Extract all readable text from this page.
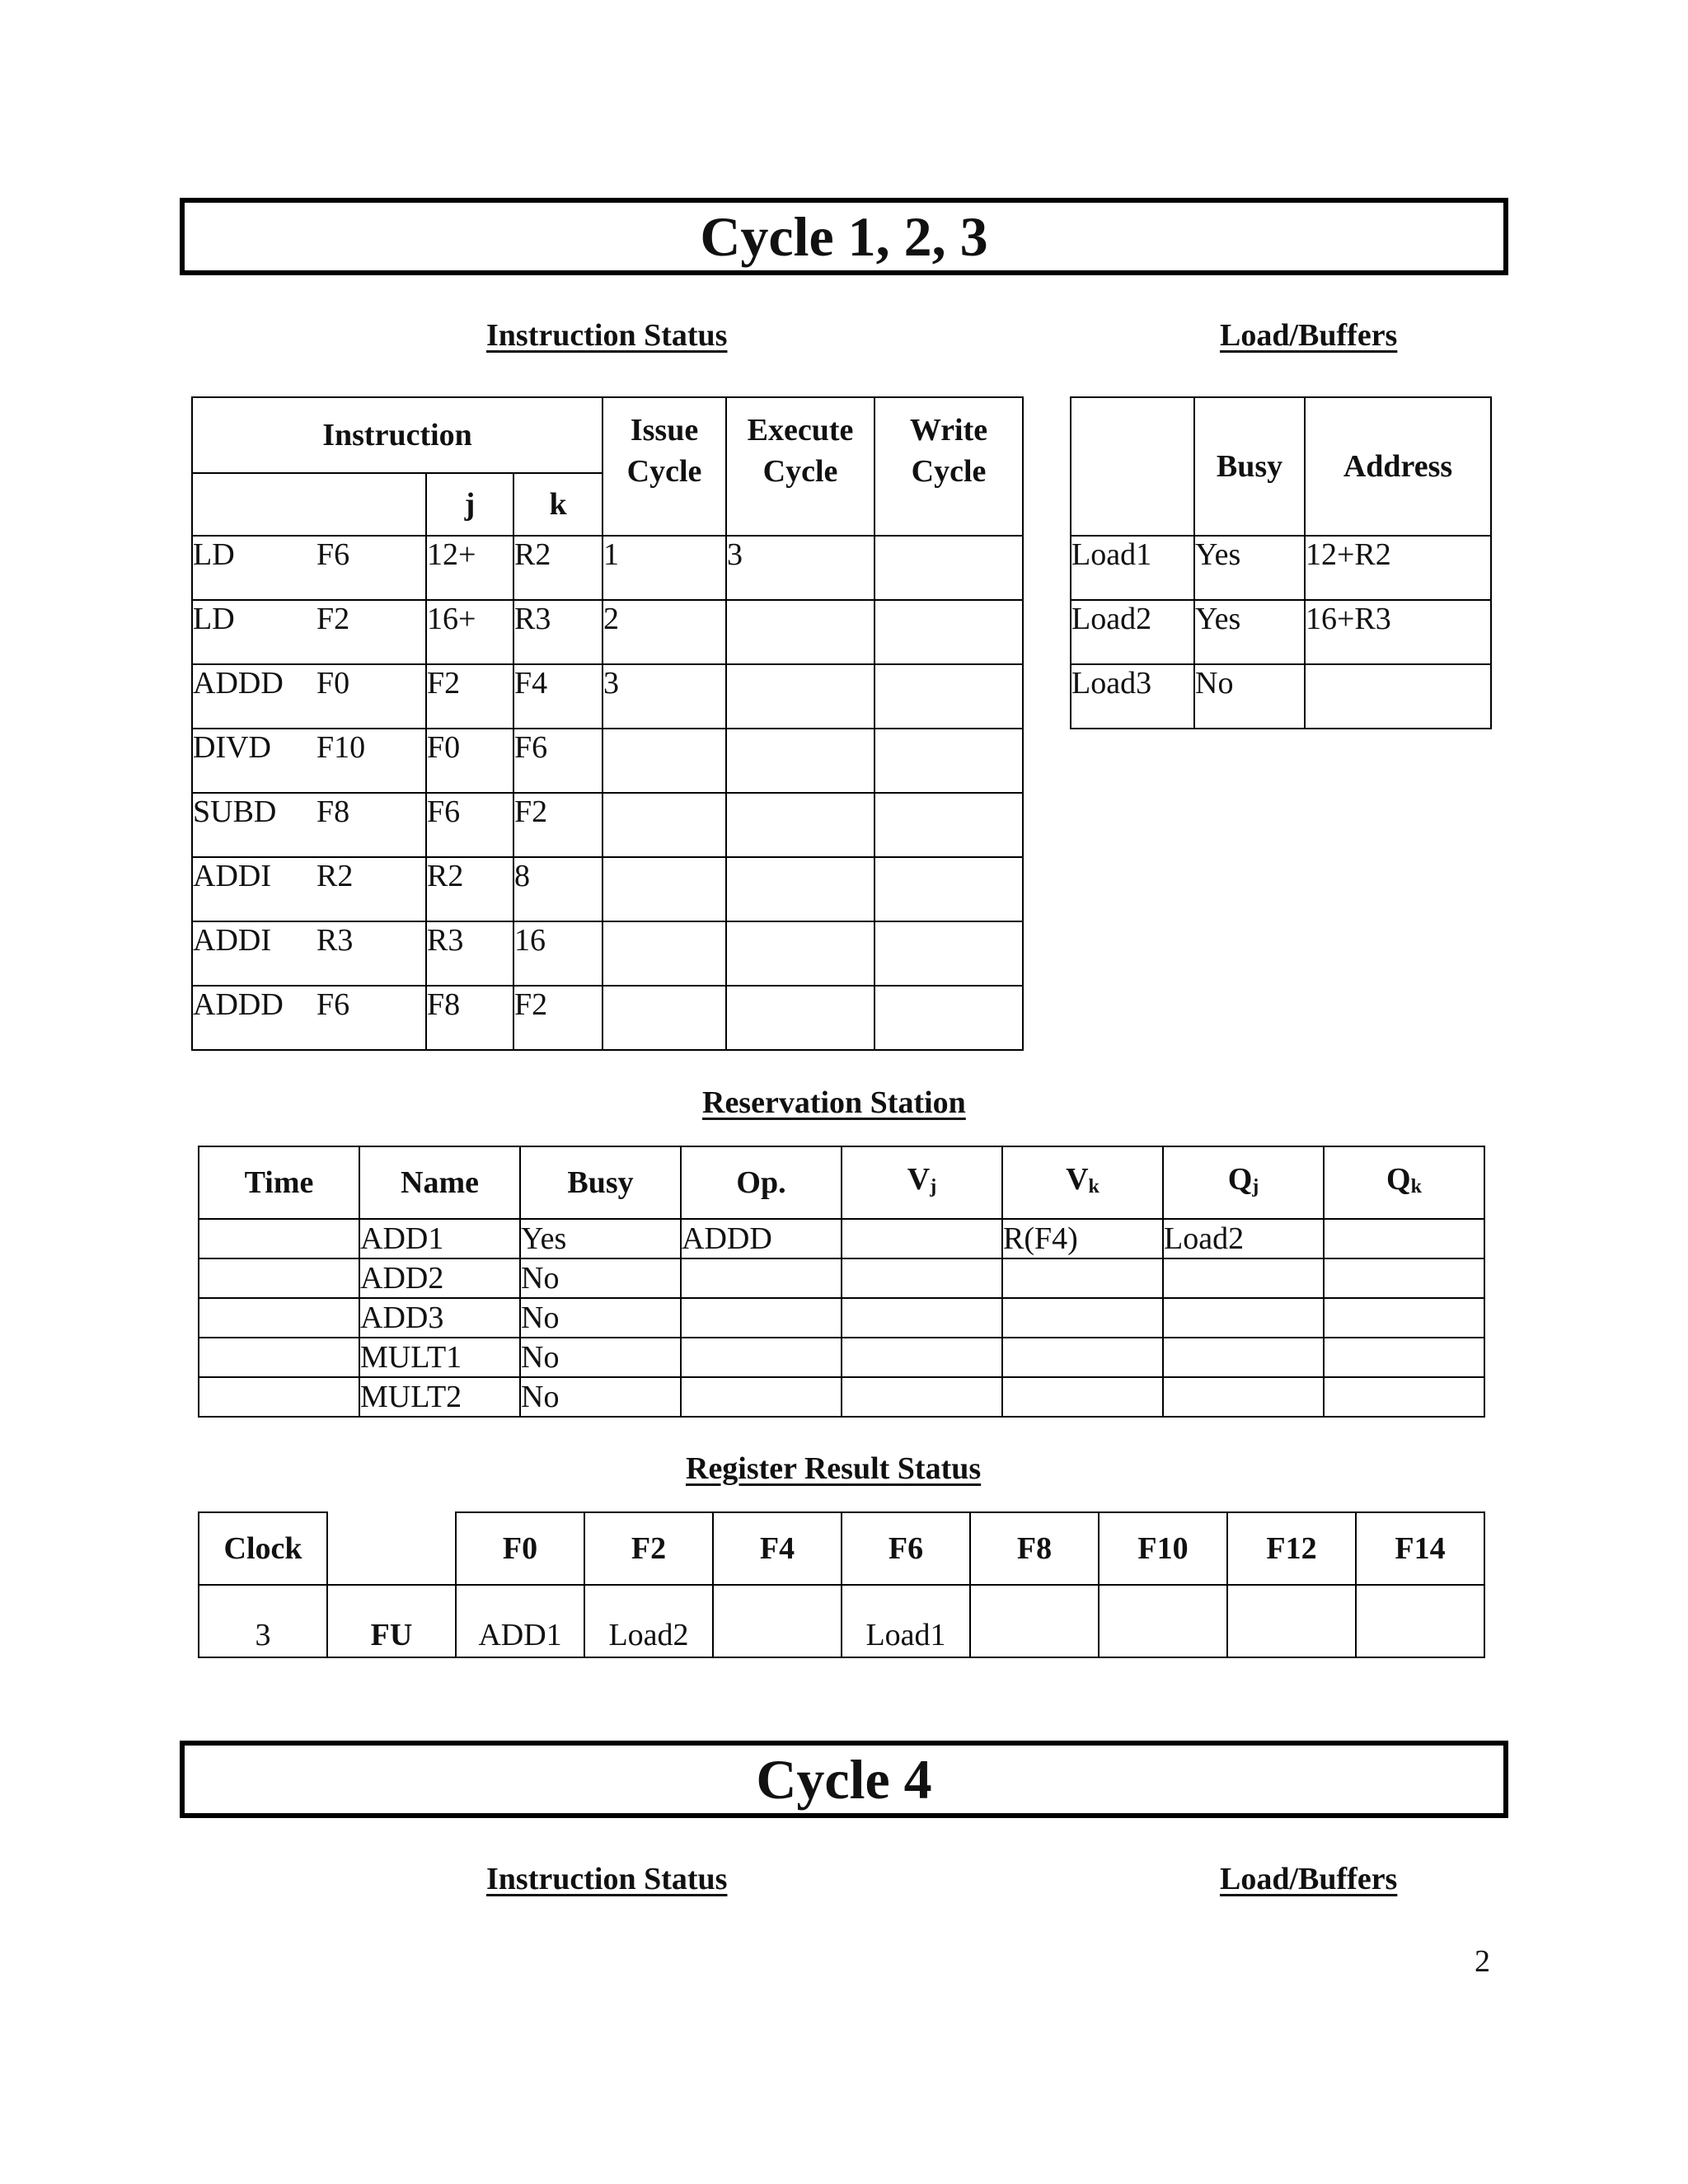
Cycle 1, 2, 3
Instruction Status	Load/Buffers
Instruction			Issue Cycle	Execute Cycle	Write Cycle
	j	k			

LD F6	12+	R2	1	3	

LD F2	16+	R3	2		

ADDD F0	F2	F4	3		

DIVD F10	F0	F6			

SUBD F8	F6	F2			

ADDI R2	R2	8			

ADDI R3	R3	16			

ADDD F6	F8	F2			
	Busy	Address
Load1	Yes	12+R2
Load2	Yes	16+R3
Load3	No	
Reservation Station
Time	Name	Busy	Op.	$V_j$	$V_k$	$Q_j$	$Q_k$
	ADD1	Yes	ADDD		R(F4)	Load2	
	ADD2	No					
	ADD3	No					
	MULT1	No					
	MULT2	No					
Register Result Status
Clock		F0	F2	F4	F6	F8	F10	F12	F14
3	FU	ADD1	Load2		Load1				
Cycle 4
Instruction Status	Load/Buffers
2
